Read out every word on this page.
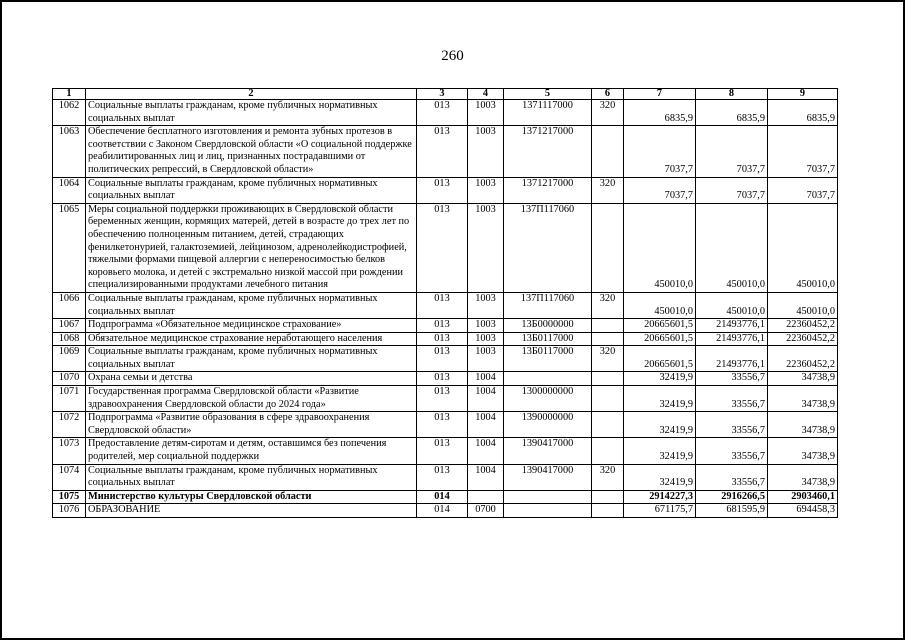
260
1	2	3	4	5	6	7	8	9
1062	Социальные выплаты гражданам, кроме публичных нормативных социальных выплат	013	1003	1371117000	320	6835,9	6835,9	6835,9
1063	Обеспечение бесплатного изготовления и ремонта зубных протезов в соответствии с Законом Свердловской области «О социальной поддержке реабилитированных лиц и лиц, признанных пострадавшими от политических репрессий, в Свердловской области»	013	1003	1371217000		7037,7	7037,7	7037,7
1064	Социальные выплаты гражданам, кроме публичных нормативных социальных выплат	013	1003	1371217000	320	7037,7	7037,7	7037,7
1065	Меры социальной поддержки проживающих в Свердловской области беременных женщин, кормящих матерей, детей в возрасте до трех лет по обеспечению полноценным питанием, детей, страдающих фенилкетонурией, галактоземией, лейцинозом, адренолейкодистрофией, тяжелыми формами пищевой аллергии с непереносимостью белков коровьего молока, и детей с экстремально низкой массой при рождении специализированными продуктами лечебного питания	013	1003	137П117060		450010,0	450010,0	450010,0
1066	Социальные выплаты гражданам, кроме публичных нормативных социальных выплат	013	1003	137П117060	320	450010,0	450010,0	450010,0
1067	Подпрограмма «Обязательное медицинское страхование»	013	1003	13Б0000000		20665601,5	21493776,1	22360452,2
1068	Обязательное медицинское страхование неработающего населения	013	1003	13Б0117000		20665601,5	21493776,1	22360452,2
1069	Социальные выплаты гражданам, кроме публичных нормативных социальных выплат	013	1003	13Б0117000	320	20665601,5	21493776,1	22360452,2
1070	Охрана семьи и детства	013	1004			32419,9	33556,7	34738,9
1071	Государственная программа Свердловской области «Развитие здравоохранения Свердловской области до 2024 года»	013	1004	1300000000		32419,9	33556,7	34738,9
1072	Подпрограмма «Развитие образования в сфере здравоохранения Свердловской области»	013	1004	1390000000		32419,9	33556,7	34738,9
1073	Предоставление детям-сиротам и детям, оставшимся без попечения родителей, мер социальной поддержки	013	1004	1390417000		32419,9	33556,7	34738,9
1074	Социальные выплаты гражданам, кроме публичных нормативных социальных выплат	013	1004	1390417000	320	32419,9	33556,7	34738,9
1075	Министерство культуры Свердловской области	014				2914227,3	2916266,5	2903460,1
1076	ОБРАЗОВАНИЕ	014	0700			671175,7	681595,9	694458,3
